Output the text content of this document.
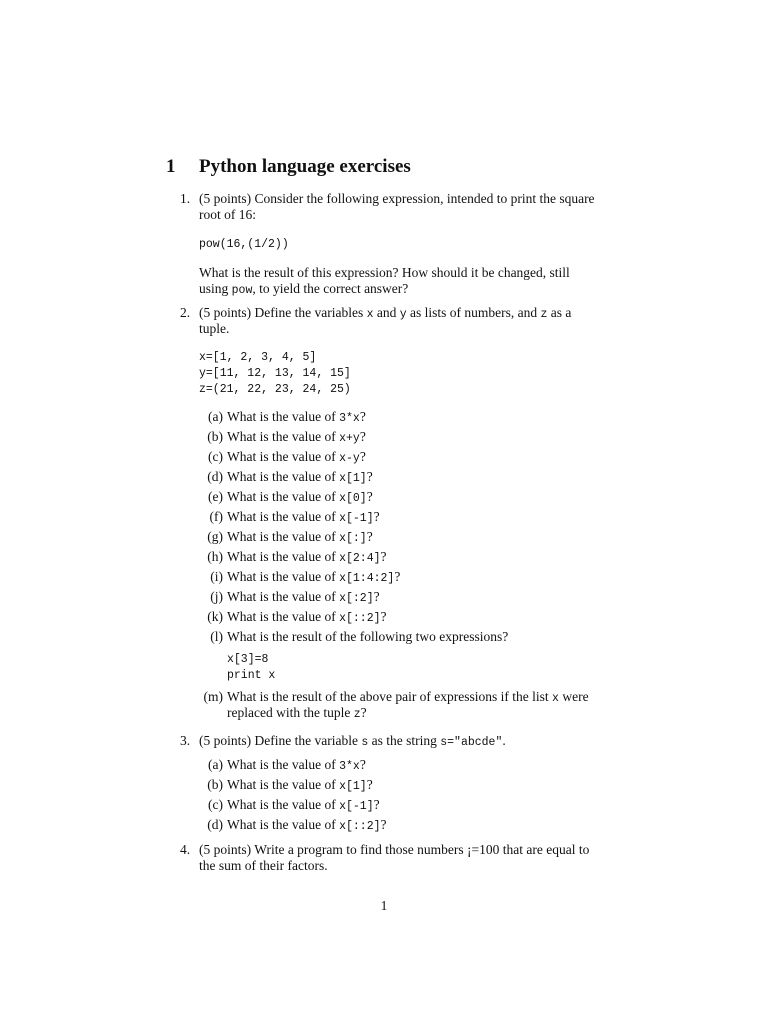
1 Python language exercises
1. (5 points) Consider the following expression, intended to print the square
root of 16:
pow(16,(1/2))
What is the result of this expression? How should it be changed, still
using pow, to yield the correct answer?
2. (5 points) Define the variables x and y as lists of numbers, and z as a
tuple.
x=[1, 2, 3, 4, 5]
y=[11, 12, 13, 14, 15]
z=(21, 22, 23, 24, 25)
(a) What is the value of 3*x?
(b) What is the value of x+y?
(c) What is the value of x-y?
(d) What is the value of x[1]?
(e) What is the value of x[0]?
(f) What is the value of x[-1]?
(g) What is the value of x[:]?
(h) What is the value of x[2:4]?
(i) What is the value of x[1:4:2]?
(j) What is the value of x[:2]?
(k) What is the value of x[::2]?
(l) What is the result of the following two expressions?
x[3]=8
print x
(m) What is the result of the above pair of expressions if the list x were
replaced with the tuple z?
3. (5 points) Define the variable s as the string s="abcde".
(a) What is the value of 3*x?
(b) What is the value of x[1]?
(c) What is the value of x[-1]?
(d) What is the value of x[::2]?
4. (5 points) Write a program to find those numbers ¡=100 that are equal to
the sum of their factors.
1
